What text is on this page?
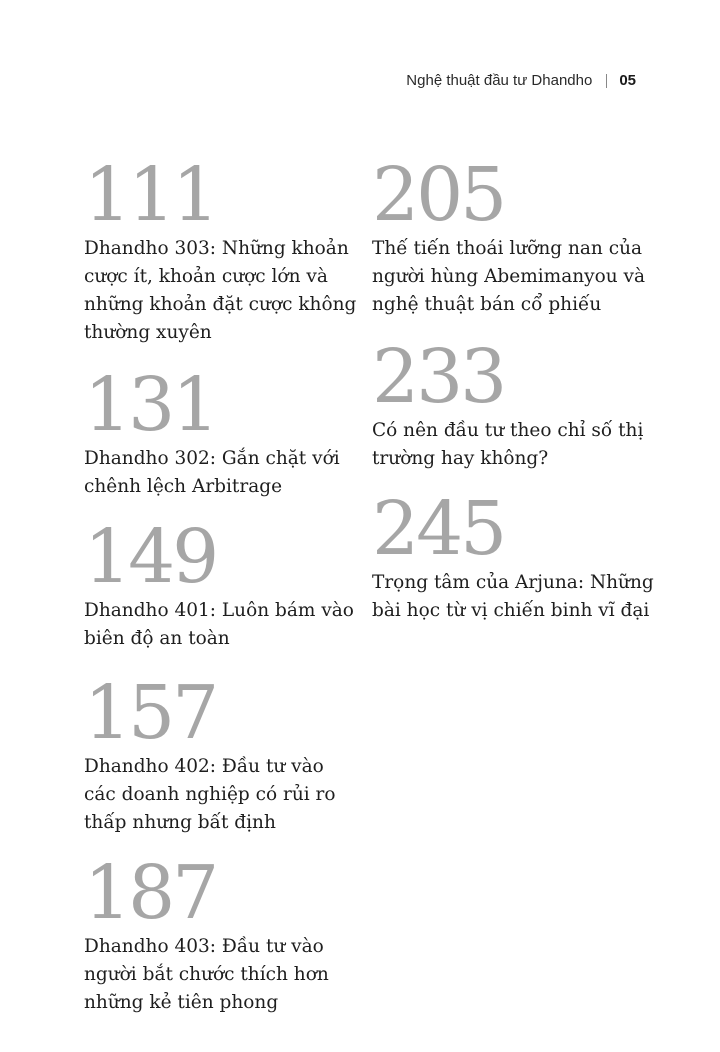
Nghệ thuật đầu tư Dhandho 05
111
Dhandho 303: Những khoản cược ít, khoản cược lớn và những khoản đặt cược không thường xuyên
131
Dhandho 302: Gắn chặt với chênh lệch Arbitrage
149
Dhandho 401: Luôn bám vào biên độ an toàn
157
Dhandho 402: Đầu tư vào các doanh nghiệp có rủi ro thấp nhưng bất định
187
Dhandho 403: Đầu tư vào người bắt chước thích hơn những kẻ tiên phong
205
Thế tiến thoái lưỡng nan của người hùng Abemimanyou và nghệ thuật bán cổ phiếu
233
Có nên đầu tư theo chỉ số thị trường hay không?
245
Trọng tâm của Arjuna: Những bài học từ vị chiến binh vĩ đại
